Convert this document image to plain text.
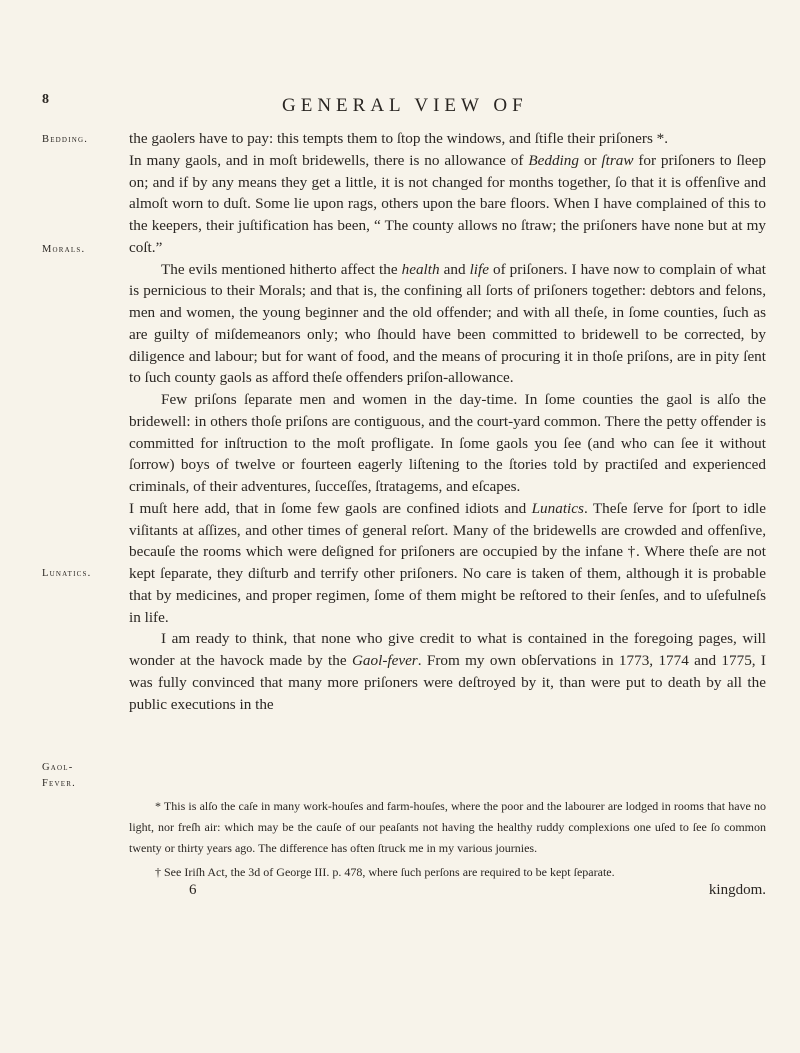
8	GENERAL VIEW OF
Bedding.
Morals.
Lunatics.
Gaol-
Fever.

the gaolers have to pay: this tempts them to ſtop the windows, and ſtifle their priſoners *.

In many gaols, and in moſt bridewells, there is no allowance of Bedding or ſtraw for priſoners to ſleep on; and if by any means they get a little, it is not changed for months together, ſo that it is offenſive and almoſt worn to duſt. Some lie upon rags, others upon the bare floors. When I have complained of this to the keepers, their juſtification has been, “ The county allows no ſtraw; the priſoners have none but at my coſt.”

The evils mentioned hitherto affect the health and life of priſoners. I have now to complain of what is pernicious to their Morals; and that is, the confining all ſorts of priſoners together: debtors and felons, men and women, the young beginner and the old offender; and with all theſe, in ſome counties, ſuch as are guilty of miſdemeanors only; who ſhould have been committed to bridewell to be corrected, by diligence and labour; but for want of food, and the means of procuring it in thoſe priſons, are in pity ſent to ſuch county gaols as afford theſe offenders priſon-allowance.

Few priſons ſeparate men and women in the day-time. In ſome counties the gaol is alſo the bridewell: in others thoſe priſons are contiguous, and the court-yard common. There the petty offender is committed for inſtruction to the moſt profligate. In ſome gaols you ſee (and who can ſee it without ſorrow) boys of twelve or fourteen eagerly liſtening to the ſtories told by practiſed and experienced criminals, of their adventures, ſucceſſes, ſtratagems, and eſcapes.

I muſt here add, that in ſome few gaols are confined idiots and Lunatics. Theſe ſerve for ſport to idle viſitants at aſſizes, and other times of general reſort. Many of the bridewells are crowded and offenſive, becauſe the rooms which were deſigned for priſoners are occupied by the infane †. Where theſe are not kept ſeparate, they diſturb and terrify other priſoners. No care is taken of them, although it is probable that by medicines, and proper regimen, ſome of them might be reſtored to their ſenſes, and to uſefulneſs in life.

I am ready to think, that none who give credit to what is contained in the foregoing pages, will wonder at the havock made by the Gaol-fever. From my own obſervations in 1773, 1774 and 1775, I was fully convinced that many more priſoners were deſtroyed by it, than were put to death by all the public executions in the

* This is alſo the caſe in many work-houſes and farm-houſes, where the poor and the labourer are lodged in rooms that have no light, nor freſh air: which may be the cauſe of our peaſants not having the healthy ruddy complexions one uſed to ſee ſo common twenty or thirty years ago. The difference has often ſtruck me in my various journies.

† See Iriſh Act, the 3d of George III. p. 478, where ſuch perſons are required to be kept ſeparate.

6	kingdom.
